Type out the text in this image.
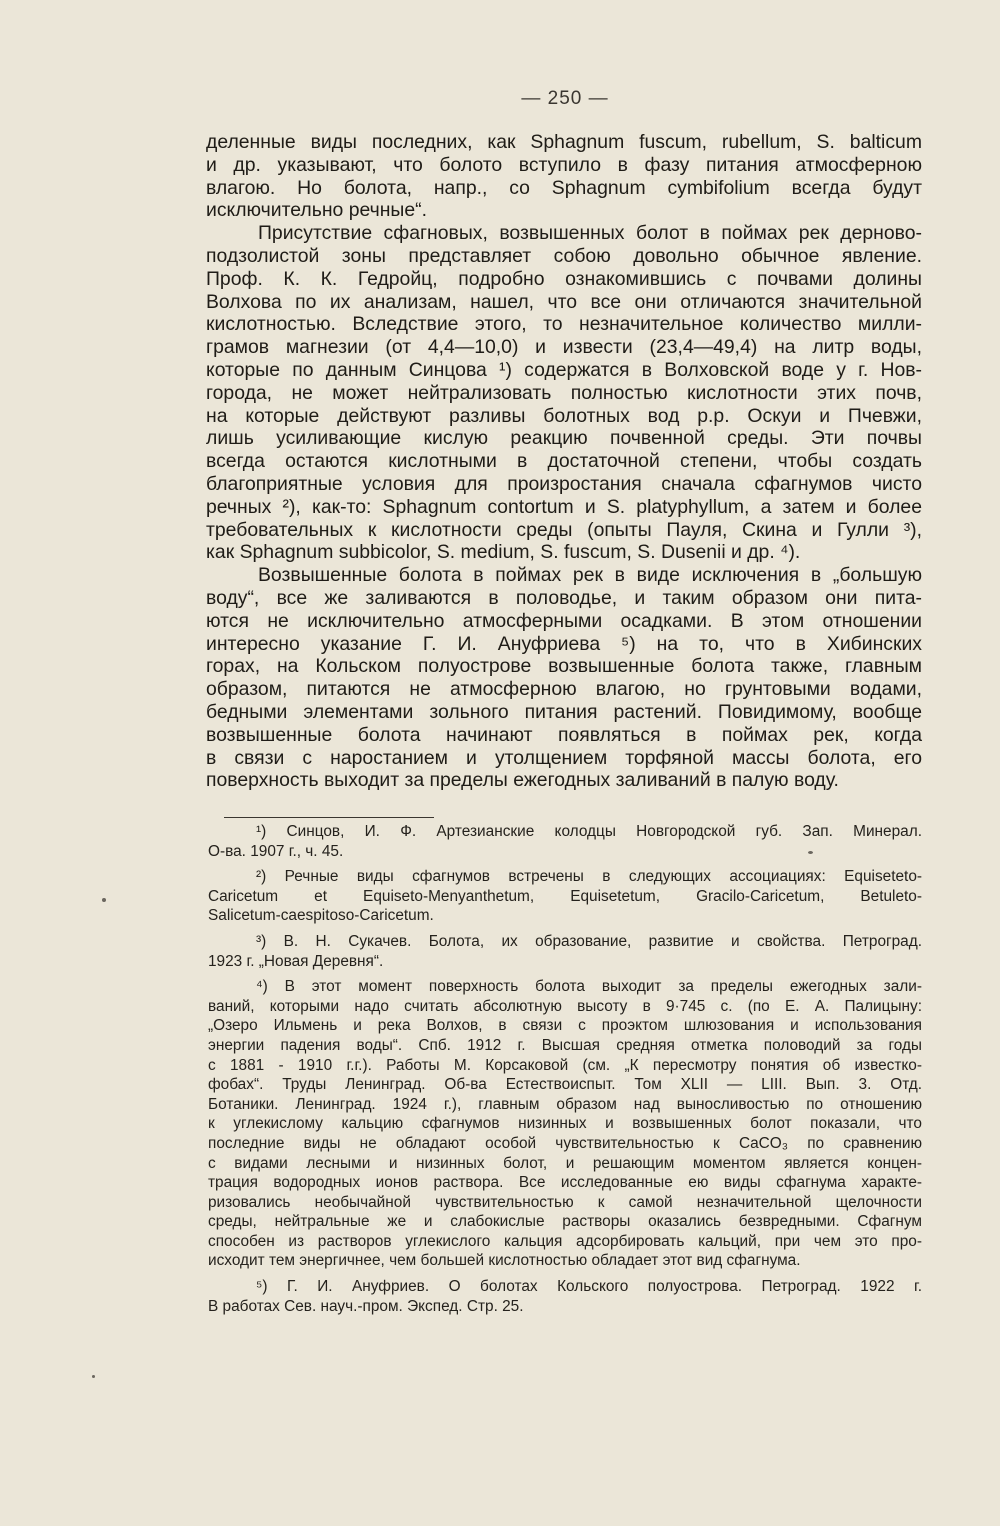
— 250 —

деленные виды последних, как Sphagnum fuscum, rubellum, S. balticum
и др. указывают, что болото вступило в фазу питания атмосферною
влагою. Но болота, напр., со Sphagnum cymbifolium всегда будут
исключительно речные“.

Присутствие сфагновых, возвышенных болот в поймах рек дерново-
подзолистой зоны представляет собою довольно обычное явление.
Проф. К. К. Гедройц, подробно ознакомившись с почвами долины
Волхова по их анализам, нашел, что все они отличаются значительной
кислотностью. Вследствие этого, то незначительное количество милли-
грамов магнезии (от 4,4—10,0) и извести (23,4—49,4) на литр воды,
которые по данным Синцова ¹) содержатся в Волховской воде у г. Нов-
города, не может нейтрализовать полностью кислотности этих почв,
на которые действуют разливы болотных вод р.р. Оскуи и Пчевжи,
лишь усиливающие кислую реакцию почвенной среды. Эти почвы
всегда остаются кислотными в достаточной степени, чтобы создать
благоприятные условия для произростания сначала сфагнумов чисто
речных ²), как-то: Sphagnum contortum и S. platyphyllum, а затем и более
требовательных к кислотности среды (опыты Пауля, Скина и Гулли ³),
как Sphagnum subbicolor, S. medium, S. fuscum, S. Dusenii и др. ⁴).

Возвышенные болота в поймах рек в виде исключения в „большую
воду“, все же заливаются в половодье, и таким образом они пита-
ются не исключительно атмосферными осадками. В этом отношении
интересно указание Г. И. Ануфриева ⁵) на то, что в Хибинских
горах, на Кольском полуострове возвышенные болота также, главным
образом, питаются не атмосферною влагою, но грунтовыми водами,
бедными элементами зольного питания растений. Повидимому, вообще
возвышенные болота начинают появляться в поймах рек, когда
в связи с наростанием и утолщением торфяной массы болота, его
поверхность выходит за пределы ежегодных заливаний в палую воду.

¹) Синцов, И. Ф. Артезианские колодцы Новгородской губ. Зап. Минерал.
О-ва. 1907 г., ч. 45.
²) Речные виды сфагнумов встречены в следующих ассоциациях: Equiseteto-
Caricetum et Equiseto-Menyanthetum, Equisetetum, Gracilo-Caricetum, Betuleto-
Salicetum-caespitoso-Caricetum.
³) В. Н. Сукачев. Болота, их образование, развитие и свойства. Петроград.
1923 г. „Новая Деревня“.
⁴) В этот момент поверхность болота выходит за пределы ежегодных зали-
ваний, которыми надо считать абсолютную высоту в 9·745 с. (по Е. А. Палицыну:
„Озеро Ильмень и река Волхов, в связи с проэктом шлюзования и использования
энергии падения воды“. Спб. 1912 г. Высшая средняя отметка половодий за годы
с 1881 - 1910 г.г.). Работы М. Корсаковой (см. „К пересмотру понятия об известко-
фобах“. Труды Ленинград. Об-ва Естествоиспыт. Том XLII — LIII. Вып. 3. Отд.
Ботаники. Ленинград. 1924 г.), главным образом над выносливостью по отношению
к углекислому кальцию сфагнумов низинных и возвышенных болот показали, что
последние виды не обладают особой чувствительностью к CaCO₃ по сравнению
с видами лесными и низинных болот, и решающим моментом является концен-
трация водородных ионов раствора. Все исследованные ею виды сфагнума характе-
ризовались необычайной чувствительностью к самой незначительной щелочности
среды, нейтральные же и слабокислые растворы оказались безвредными. Сфагнум
способен из растворов углекислого кальция адсорбировать кальций, при чем это про-
исходит тем энергичнее, чем большей кислотностью обладает этот вид сфагнума.
⁵) Г. И. Ануфриев. О болотах Кольского полуострова. Петроград. 1922 г.
В работах Сев. науч.-пром. Экспед. Стр. 25.
